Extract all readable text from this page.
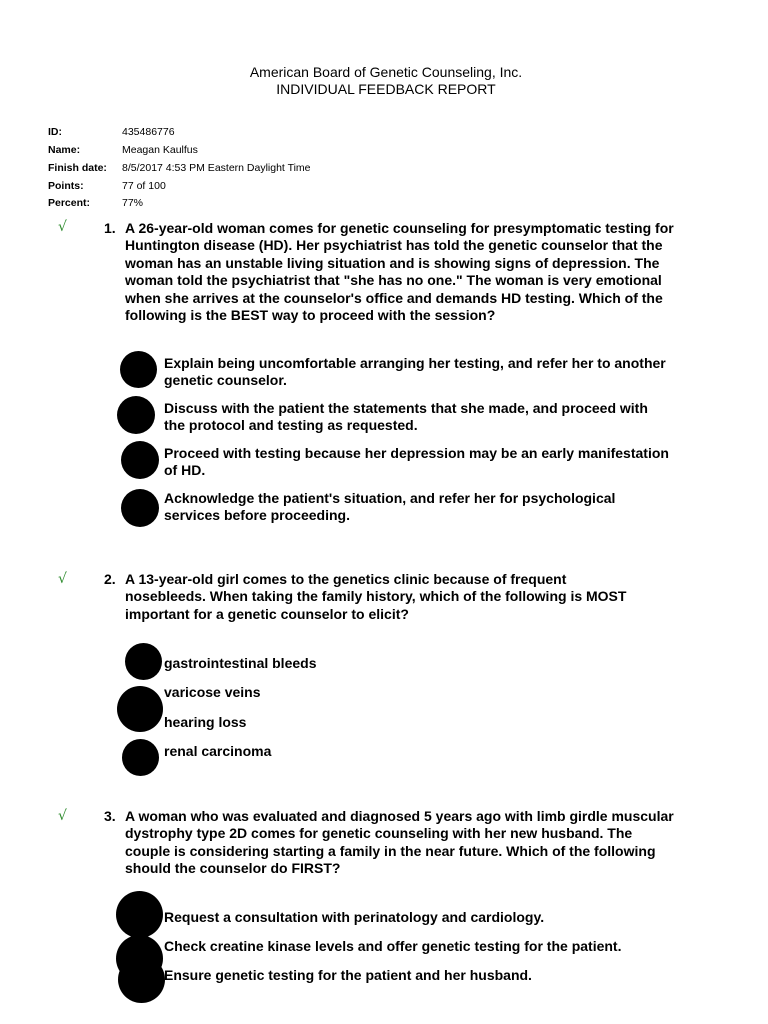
American Board of Genetic Counseling, Inc.
INDIVIDUAL FEEDBACK REPORT
ID:	435486776
Name:	Meagan Kaulfus
Finish date: 8/5/2017 4:53 PM Eastern Daylight Time
Points:	77 of 100
Percent:	77%
√	1. A 26-year-old woman comes for genetic counseling for presymptomatic testing for
Huntington disease (HD). Her psychiatrist has told the genetic counselor that the
woman has an unstable living situation and is showing signs of depression. The
woman told the psychiatrist that "she has no one." The woman is very emotional
when she arrives at the counselor's office and demands HD testing. Which of the
following is the BEST way to proceed with the session?
Explain being uncomfortable arranging her testing, and refer her to another
genetic counselor.
Discuss with the patient the statements that she made, and proceed with
the protocol and testing as requested.
Proceed with testing because her depression may be an early manifestation
of HD.
Acknowledge the patient's situation, and refer her for psychological
services before proceeding.
√	2. A 13-year-old girl comes to the genetics clinic because of frequent
nosebleeds. When taking the family history, which of the following is MOST
important for a genetic counselor to elicit?
gastrointestinal bleeds
varicose veins
hearing loss
renal carcinoma
√	3. A woman who was evaluated and diagnosed 5 years ago with limb girdle muscular
dystrophy type 2D comes for genetic counseling with her new husband. The
couple is considering starting a family in the near future. Which of the following
should the counselor do FIRST?
Request a consultation with perinatology and cardiology.
Check creatine kinase levels and offer genetic testing for the patient.
Ensure genetic testing for the patient and her husband.
